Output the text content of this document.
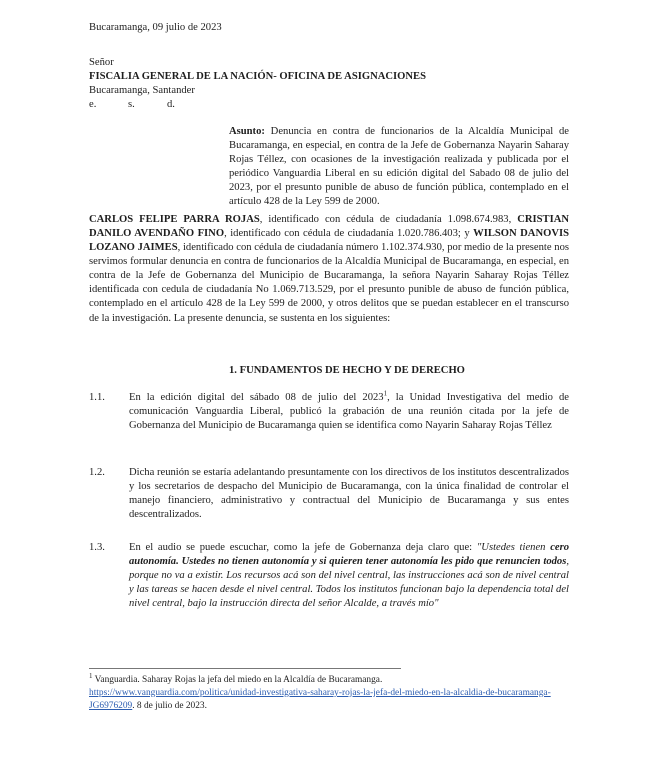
Bucaramanga, 09 julio de 2023
Señor
FISCALIA GENERAL DE LA NACIÓN- OFICINA DE ASIGNACIONES
Bucaramanga, Santander
e.	s.	d.
Asunto: Denuncia en contra de funcionarios de la Alcaldía Municipal de Bucaramanga, en especial, en contra de la Jefe de Gobernanza Nayarin Saharay Rojas Téllez, con ocasiones de la investigación realizada y publicada por el periódico Vanguardia Liberal en su edición digital del Sabado 08 de julio del 2023, por el presunto punible de abuso de función pública, contemplado en el artículo 428 de la Ley 599 de 2000.
CARLOS FELIPE PARRA ROJAS, identificado con cédula de ciudadanía 1.098.674.983, CRISTIAN DANILO AVENDAÑO FINO, identificado con cédula de ciudadanía 1.020.786.403; y WILSON DANOVIS LOZANO JAIMES, identificado con cédula de ciudadanía número 1.102.374.930, por medio de la presente nos servimos formular denuncia en contra de funcionarios de la Alcaldía Municipal de Bucaramanga, en especial, en contra de la Jefe de Gobernanza del Municipio de Bucaramanga, la señora Nayarin Saharay Rojas Téllez identificada con cedula de ciudadanía No 1.069.713.529, por el presunto punible de abuso de función pública, contemplado en el artículo 428 de la Ley 599 de 2000, y otros delitos que se puedan establecer en el transcurso de la investigación. La presente denuncia, se sustenta en los siguientes:
1. FUNDAMENTOS DE HECHO Y DE DERECHO
1.1.	En la edición digital del sábado 08 de julio del 2023$^1$, la Unidad Investigativa del medio de comunicación Vanguardia Liberal, publicó la grabación de una reunión citada por la jefe de Gobernanza del Municipio de Bucaramanga quien se identifica como Nayarin Saharay Rojas Téllez
1.2.	Dicha reunión se estaría adelantando presuntamente con los directivos de los institutos descentralizados y los secretarios de despacho del Municipio de Bucaramanga, con la única finalidad de controlar el manejo financiero, administrativo y contractual del Municipio de Bucaramanga y sus entes descentralizados.
1.3.	En el audio se puede escuchar, como la jefe de Gobernanza deja claro que: "Ustedes tienen cero autonomía. Ustedes no tienen autonomía y si quieren tener autonomía les pido que renuncien todos, porque no va a existir. Los recursos acá son del nivel central, las instrucciones acá son de nivel central y las tareas se hacen desde el nivel central. Todos los institutos funcionan bajo la dependencia total del nivel central, bajo la instrucción directa del señor Alcalde, a través mío"
$^1$ Vanguardia. Saharay Rojas la jefa del miedo en la Alcaldía de Bucaramanga.
https://www.vanguardia.com/politica/unidad-investigativa-saharay-rojas-la-jefa-del-miedo-en-la-alcaldia-de-bucaramanga-JG6976209. 8 de julio de 2023.
